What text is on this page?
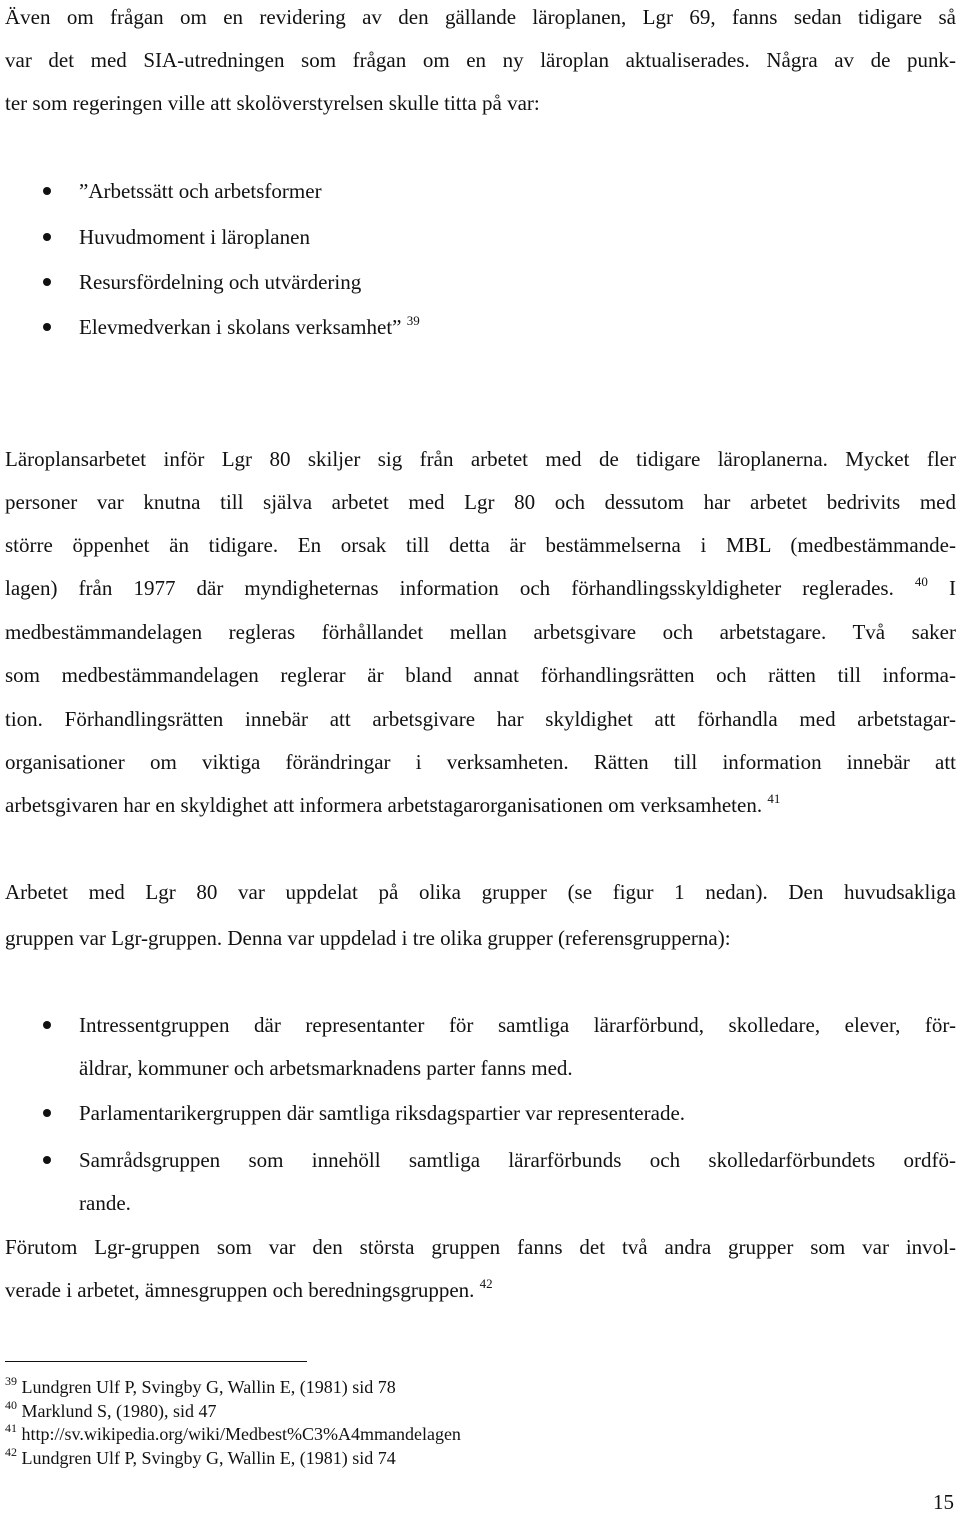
Även om frågan om en revidering av den gällande läroplanen, Lgr 69, fanns sedan tidigare så
var det med SIA-utredningen som frågan om en ny läroplan aktualiserades. Några av de punk-
ter som regeringen ville att skolöverstyrelsen skulle titta på var:
”Arbetssätt och arbetsformer
Huvudmoment i läroplanen
Resursfördelning och utvärdering
Elevmedverkan i skolans verksamhet” $^{39}$
Läroplansarbetet inför Lgr 80 skiljer sig från arbetet med de tidigare läroplanerna. Mycket fler
personer var knutna till själva arbetet med Lgr 80 och dessutom har arbetet bedrivits med
större öppenhet än tidigare. En orsak till detta är bestämmelserna i MBL (medbestämmande-
lagen) från 1977 där myndigheternas information och förhandlingsskyldigheter reglerades. $^{40}$ I
medbestämmandelagen regleras förhållandet mellan arbetsgivare och arbetstagare. Två saker
som medbestämmandelagen reglerar är bland annat förhandlingsrätten och rätten till informa-
tion. Förhandlingsrätten innebär att arbetsgivare har skyldighet att förhandla med arbetstagar-
organisationer om viktiga förändringar i verksamheten. Rätten till information innebär att
arbetsgivaren har en skyldighet att informera arbetstagarorganisationen om verksamheten. $^{41}$
Arbetet med Lgr 80 var uppdelat på olika grupper (se figur 1 nedan). Den huvudsakliga
gruppen var Lgr-gruppen. Denna var uppdelad i tre olika grupper (referensgrupperna):
Intressentgruppen där representanter för samtliga lärarförbund, skolledare, elever, för-
äldrar, kommuner och arbetsmarknadens parter fanns med.
Parlamentarikergruppen där samtliga riksdagspartier var representerade.
Samrådsgruppen som innehöll samtliga lärarförbunds och skolledarförbundets ordfö-
rande.
Förutom Lgr-gruppen som var den största gruppen fanns det två andra grupper som var invol-
verade i arbetet, ämnesgruppen och beredningsgruppen. $^{42}$
$^{39}$ Lundgren Ulf P, Svingby G, Wallin E, (1981) sid 78
$^{40}$ Marklund S, (1980), sid 47
$^{41}$ http://sv.wikipedia.org/wiki/Medbest%C3%A4mmandelagen
$^{42}$ Lundgren Ulf P, Svingby G, Wallin E, (1981) sid 74
15
